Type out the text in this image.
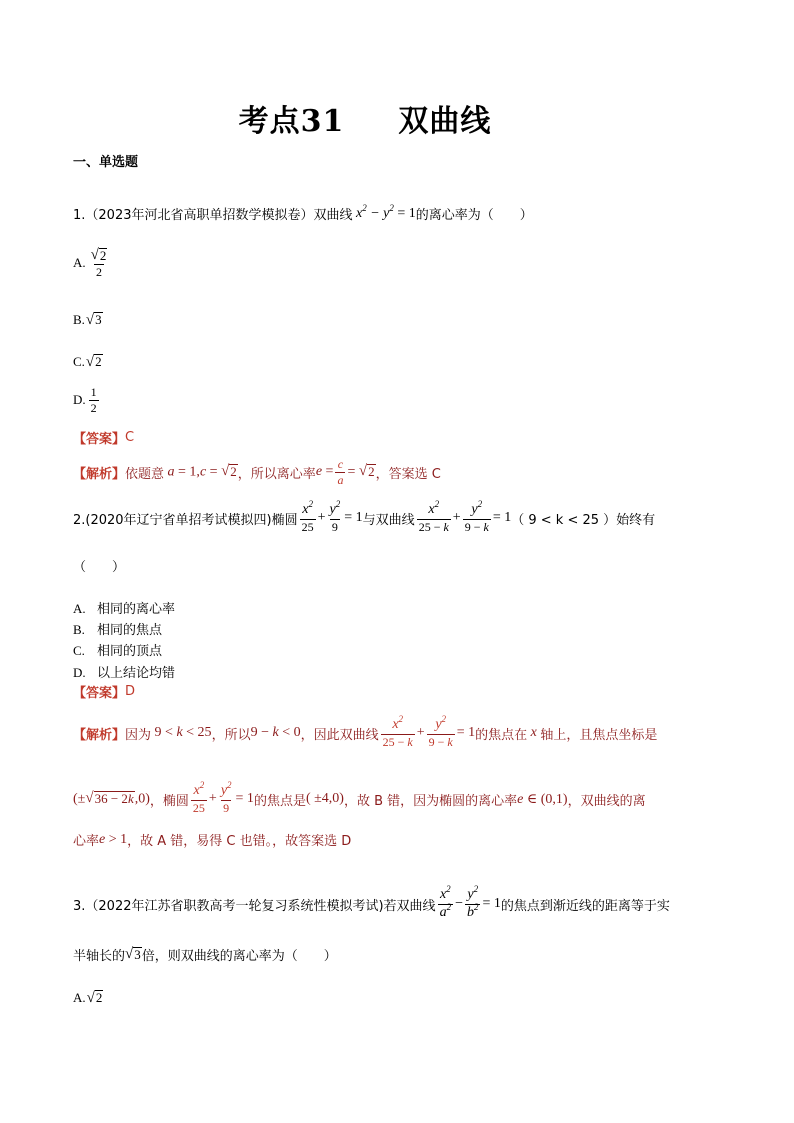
考点31 双曲线
一、单选题
1.（2023年河北省高职单招数学模拟卷）双曲线 $x^2 - y^2 = 1$ 的离心率为（　　）
A. $\frac{√ 2}{2}$
B. √ 3
C. √ 2
D. $\frac{1}{2}$
【答案】 C
【解析】 依题意 a = 1,c = √ 2 ，所以离心率 $e = \frac{c}{a}$ = √ 2 ，答案选 C
2.(2020年辽宁省单招考试模拟四)椭圆 $\frac{x^2}{25} + \frac{y^2}{9} = 1$ 与双曲线 $\frac{x^2}{25 - k} + \frac{y^2}{9 - k} = 1$ （ 9 < k < 25 ）始终有
（　　）
A. 相同的离心率
B. 相同的焦点
C. 相同的顶点
D. 以上结论均错
【答案】 D
【解析】 因为 9 < k < 25 ，所以 9 − k < 0 ，因此双曲线 $\frac{x^2}{25 - k} + \frac{y^2}{9 - k} = 1$ 的焦点在 x 轴上，且焦点坐标是
(± √ 36 − 2k ,0) ，椭圆 $\frac{x^2}{25} + \frac{y^2}{9} = 1$ 的焦点是 ( ±4,0) ，故 B 错，因为椭圆的离心率 e ∈ (0,1) ，双曲线的离
心率 e > 1 ，故 A 错，易得 C 也错。，故答案选 D
3.（2022年江苏省职教高考一轮复习系统性模拟考试)若双曲线 $\frac{x^2}{a^2} - \frac{y^2}{b^2} = 1$ 的焦点到渐近线的距离等于实
半轴长的 √ 3 倍，则双曲线的离心率为（　　）
A. √ 2
